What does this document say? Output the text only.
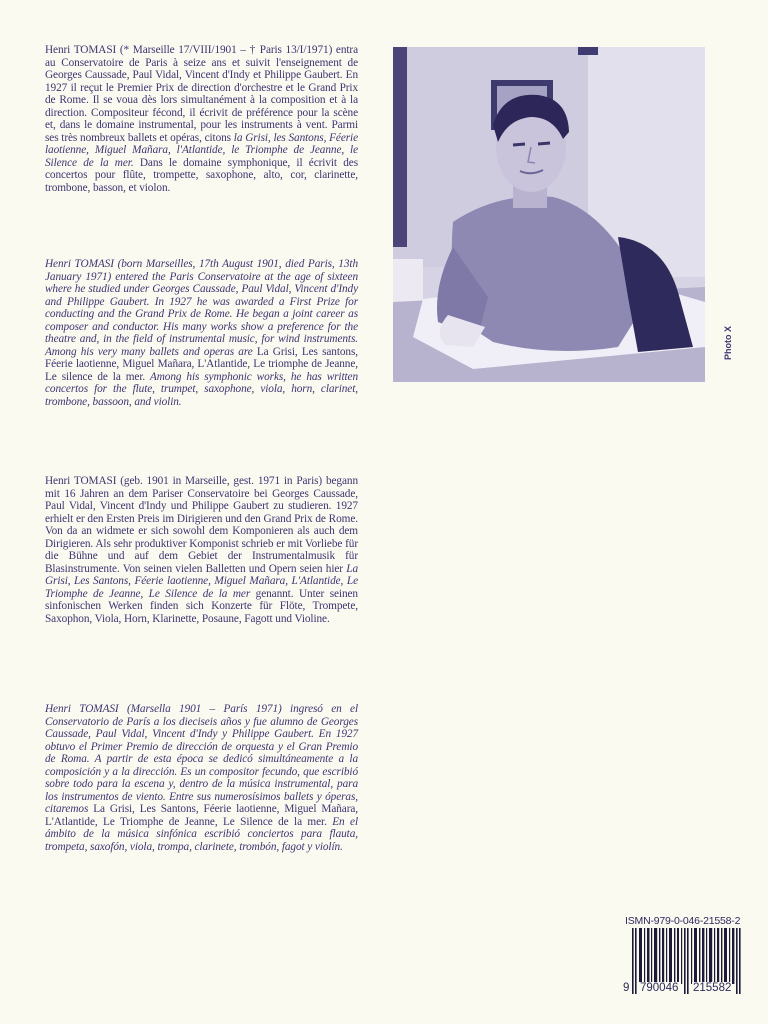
Henri TOMASI (* Marseille 17/VIII/1901 – † Paris 13/I/1971) entra au Conservatoire de Paris à seize ans et suivit l'enseignement de Georges Caussade, Paul Vidal, Vincent d'Indy et Philippe Gaubert. En 1927 il reçut le Premier Prix de direction d'orchestre et le Grand Prix de Rome. Il se voua dès lors simultanément à la composition et à la direction. Compositeur fécond, il écrivit de préférence pour la scène et, dans le domaine instrumental, pour les instruments à vent. Parmi ses très nombreux ballets et opéras, citons la Grisi, les Santons, Féerie laotienne, Miguel Mañara, l'Atlantide, le Triomphe de Jeanne, le Silence de la mer. Dans le domaine symphonique, il écrivit des concertos pour flûte, trompette, saxophone, alto, cor, clarinette, trombone, basson, et violon.

Henri TOMASI (born Marseilles, 17th August 1901, died Paris, 13th January 1971) entered the Paris Conservatoire at the age of sixteen where he studied under Georges Caussade, Paul Vidal, Vincent d'Indy and Philippe Gaubert. In 1927 he was awarded a First Prize for conducting and the Grand Prix de Rome. He began a joint career as composer and conductor. His many works show a preference for the theatre and, in the field of instrumental music, for wind instruments. Among his very many ballets and operas are La Grisi, Les santons, Féerie laotienne, Miguel Mañara, L'Atlantide, Le triomphe de Jeanne, Le silence de la mer. Among his symphonic works, he has written concertos for the flute, trumpet, saxophone, viola, horn, clarinet, trombone, bassoon, and violin.

Henri TOMASI (geb. 1901 in Marseille, gest. 1971 in Paris) begann mit 16 Jahren an dem Pariser Conservatoire bei Georges Caussade, Paul Vidal, Vincent d'Indy und Philippe Gaubert zu studieren. 1927 erhielt er den Ersten Preis im Dirigieren und den Grand Prix de Rome. Von da an widmete er sich sowohl dem Komponieren als auch dem Dirigieren. Als sehr produktiver Komponist schrieb er mit Vorliebe für die Bühne und auf dem Gebiet der Instrumentalmusik für Blasinstrumente. Von seinen vielen Balletten und Opern seien hier La Grisi, Les Santons, Féerie laotienne, Miguel Mañara, L'Atlantide, Le Triomphe de Jeanne, Le Silence de la mer genannt. Unter seinen sinfonischen Werken finden sich Konzerte für Flöte, Trompete, Saxophon, Viola, Horn, Klarinette, Posaune, Fagott und Violine.

Henri TOMASI (Marsella 1901 – París 1971) ingresó en el Conservatorio de París a los dieciseis años y fue alumno de Georges Caussade, Paul Vidal, Vincent d'Indy y Philippe Gaubert. En 1927 obtuvo el Primer Premio de dirección de orquesta y el Gran Premio de Roma. A partir de esta época se dedicó simultáneamente a la composición y a la dirección. Es un compositor fecundo, que escribió sobre todo para la escena y, dentro de la música instrumental, para los instrumentos de viento. Entre sus numerosísimos ballets y óperas, citaremos La Grisi, Les Santons, Féerie laotienne, Miguel Mañara, L'Atlantide, Le Triomphe de Jeanne, Le Silence de la mer. En el ámbito de la música sinfónica escribió conciertos para flauta, trompeta, saxofón, viola, trompa, clarinete, trombón, fagot y violín.

Photo X
ISMN-979-0-046-21558-2
9 790046 215582
